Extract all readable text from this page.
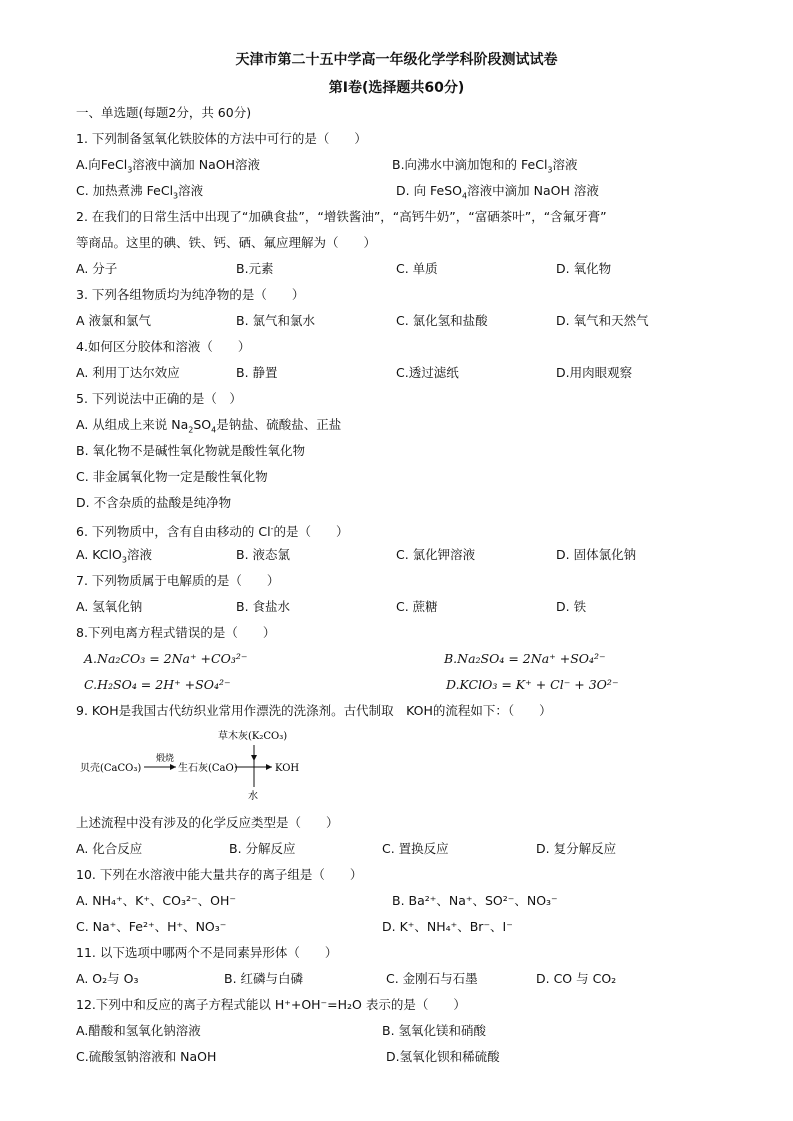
天津市第二十五中学高一年级化学学科阶段测试试卷
第Ⅰ卷(选择题共60分)
一、单选题(每题2分，共 60分)
1. 下列制备氢氧化铁胶体的方法中可行的是（　　）
A.向FeCl$_3$溶液中滴加 NaOH溶液	B.向沸水中滴加饱和的 FeCl$_3$溶液
C. 加热煮沸 FeCl$_3$溶液	D. 向 FeSO$_4$溶液中滴加 NaOH 溶液
2. 在我们的日常生活中出现了“加碘食盐”，“增铁酱油”，“高钙牛奶”，“富硒茶叶”，“含氟牙膏”
等商品。这里的碘、铁、钙、硒、氟应理解为（　　）
A. 分子	B.元素	C. 单质	D. 氧化物
3. 下列各组物质均为纯净物的是（　　）
A 液氯和氯气	B. 氯气和氯水	C. 氯化氢和盐酸	D. 氧气和天然气
4.如何区分胶体和溶液（　　）
A. 利用丁达尔效应	B. 静置	C.透过滤纸	D.用肉眼观察
5. 下列说法中正确的是（　）
A. 从组成上来说 $Na_2SO_4$是钠盐、硫酸盐、正盐
B. 氧化物不是碱性氧化物就是酸性氧化物
C. 非金属氧化物一定是酸性氧化物
D. 不含杂质的盐酸是纯净物
6. 下列物质中，含有自由移动的 Cl-的是（　　）
A. KClO$_3$溶液	B. 液态氯	C. 氯化钾溶液	D. 固体氯化钠
7. 下列物质属于电解质的是（　　）
A. 氢氧化钠	B. 食盐水	C. 蔗糖	D. 铁
8.下列电离方程式错误的是（　　）
A.Na₂CO₃ = 2Na⁺ +CO₃²⁻	B.Na₂SO₄ = 2Na⁺ +SO₄²⁻
C.H₂SO₄ = 2H⁺ +SO₄²⁻	D.KClO₃ = K⁺ + Cl⁻ + 3O²⁻
9. KOH是我国古代纺织业常用作漂洗的洗涤剂。古代制取　KOH的流程如下：（　　）
贝壳(CaCO₃)
煅烧
生石灰(CaO)
草木灰(K₂CO₃)
KOH
水
上述流程中没有涉及的化学反应类型是（　　）
A. 化合反应	B. 分解反应	C. 置换反应	D. 复分解反应
10. 下列在水溶液中能大量共存的离子组是（　　）
A. NH₄⁺、K⁺、CO₃²⁻、OH⁻	B. Ba²⁺、Na⁺、SO²⁻、NO₃⁻
C. Na⁺、Fe²⁺、H⁺、NO₃⁻	D. K⁺、NH₄⁺、Br⁻、I⁻
11. 以下选项中哪两个不是同素异形体（　　）
A. O₂与 O₃	B. 红磷与白磷	C. 金刚石与石墨	D. CO 与 CO₂
12.下列中和反应的离子方程式能以 H⁺+OH⁻=H₂O 表示的是（　　）
A.醋酸和氢氧化钠溶液	B. 氢氧化镁和硝酸
C.硫酸氢钠溶液和 NaOH	D.氢氧化钡和稀硫酸
